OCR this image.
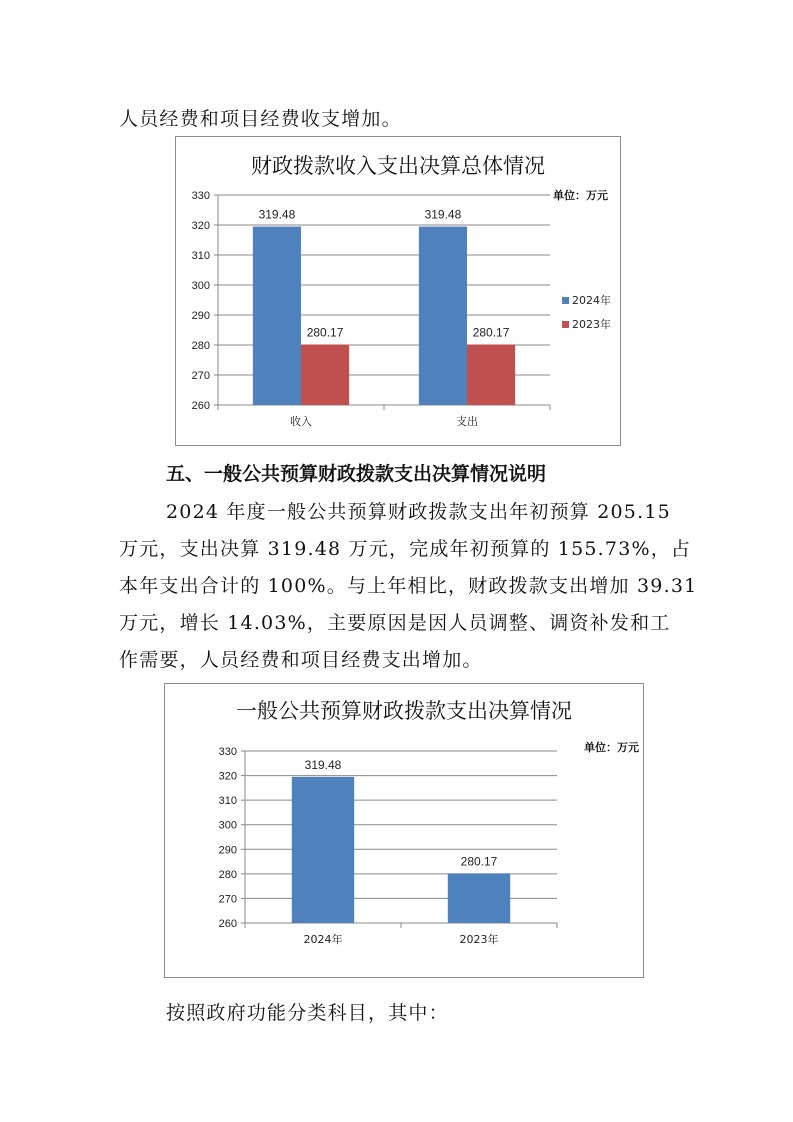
人员经费和项目经费收支增加。
财政拨款收入支出决算总体情况
单位：万元
260
270
280
290
300
310
320
330
319.48
280.17
收入
319.48
280.17
支出
2024年
2023年
五、一般公共预算财政拨款支出决算情况说明
2024 年度一般公共预算财政拨款支出年初预算 205.15
万元，支出决算 319.48 万元，完成年初预算的 155.73%，占
本年支出合计的 100%。与上年相比，财政拨款支出增加 39.31
万元，增长 14.03%，主要原因是因人员调整、调资补发和工
作需要，人员经费和项目经费支出增加。
一般公共预算财政拨款支出决算情况
单位：万元
260
270
280
290
300
310
320
330
319.48
2024年
280.17
2023年
按照政府功能分类科目，其中：
